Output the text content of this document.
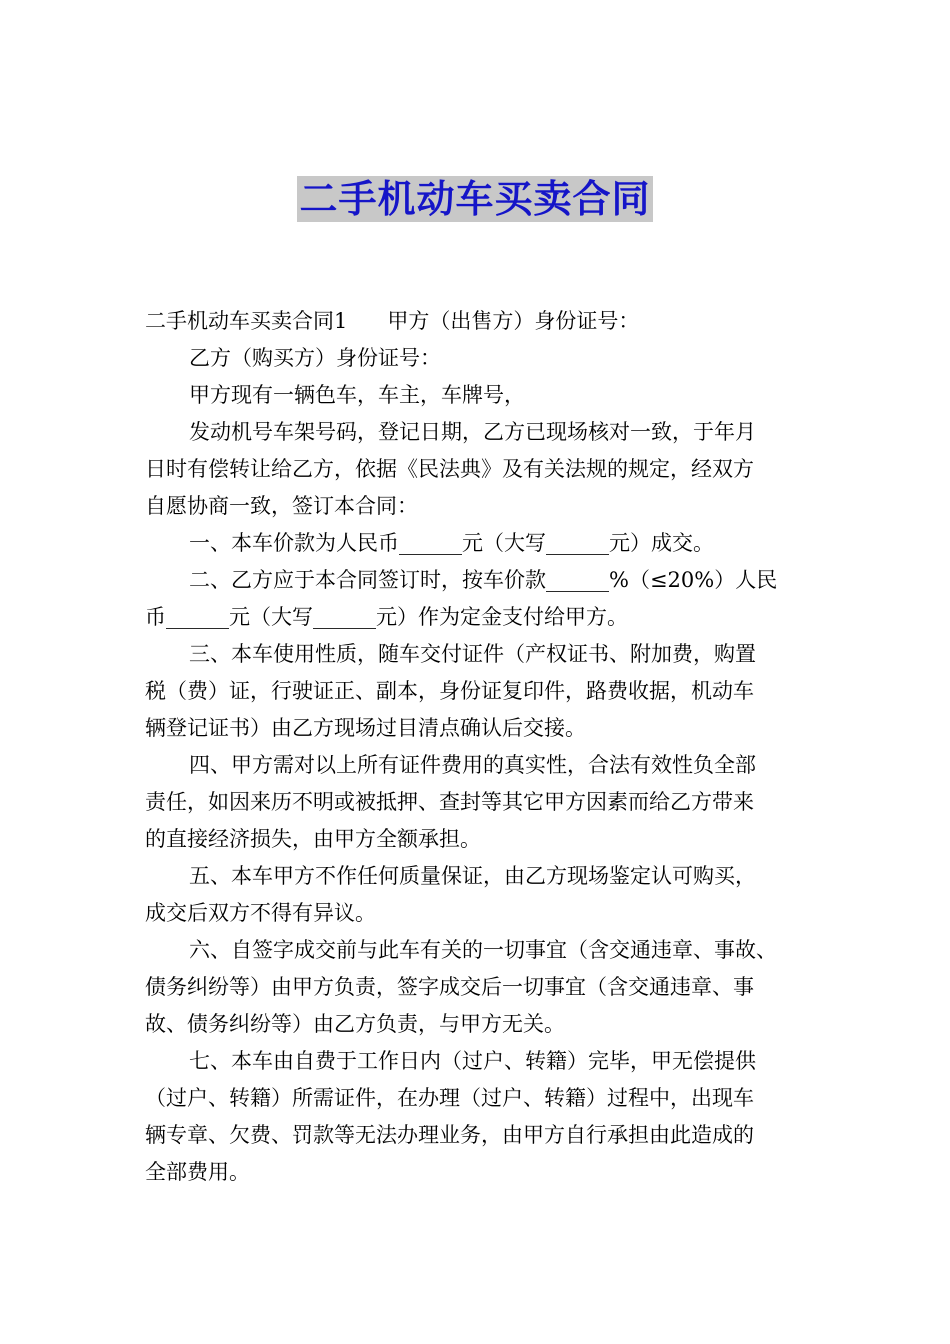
二手机动车买卖合同
二手机动车买卖合同1 甲方（出售方）身份证号：
乙方（购买方）身份证号：
甲方现有一辆色车，车主，车牌号，
发动机号车架号码，登记日期，乙方已现场核对一致，于年月
日时有偿转让给乙方，依据《民法典》及有关法规的规定，经双方
自愿协商一致，签订本合同：
一、本车价款为人民币______元（大写______元）成交。
二、乙方应于本合同签订时，按车价款______%（≤20%）人民
币______元（大写______元）作为定金支付给甲方。
三、本车使用性质，随车交付证件（产权证书、附加费，购置
税（费）证，行驶证正、副本，身份证复印件，路费收据，机动车
辆登记证书）由乙方现场过目清点确认后交接。
四、甲方需对以上所有证件费用的真实性，合法有效性负全部
责任，如因来历不明或被抵押、查封等其它甲方因素而给乙方带来
的直接经济损失，由甲方全额承担。
五、本车甲方不作任何质量保证，由乙方现场鉴定认可购买，
成交后双方不得有异议。
六、自签字成交前与此车有关的一切事宜（含交通违章、事故、
债务纠纷等）由甲方负责，签字成交后一切事宜（含交通违章、事
故、债务纠纷等）由乙方负责，与甲方无关。
七、本车由自费于工作日内（过户、转籍）完毕，甲无偿提供
（过户、转籍）所需证件，在办理（过户、转籍）过程中，出现车
辆专章、欠费、罚款等无法办理业务，由甲方自行承担由此造成的
全部费用。
